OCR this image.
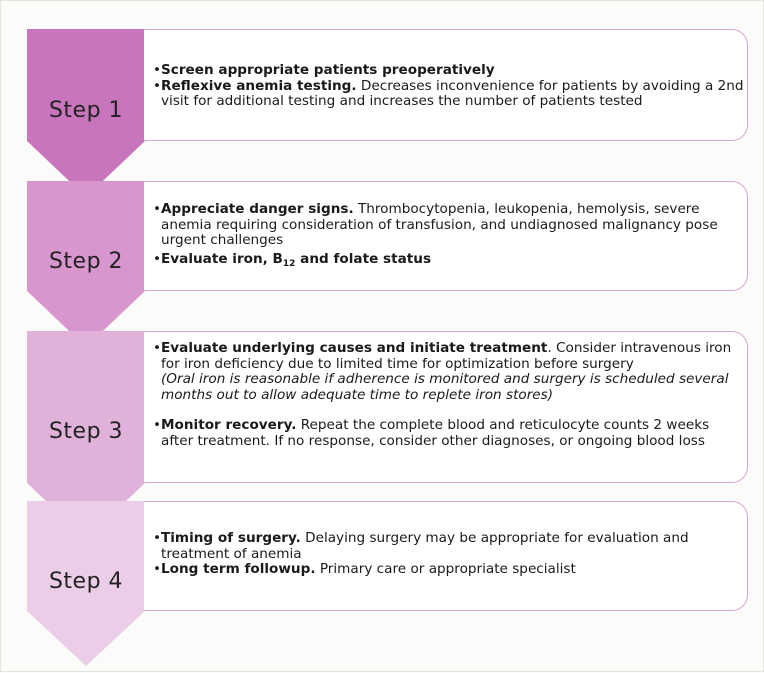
Step 1
Step 2
Step 3
Step 4

• Screen appropriate patients preoperatively

• Reflexive anemia testing. Decreases inconvenience for patients by avoiding a 2nd visit for additional testing and increases the number of patients tested

• Appreciate danger signs. Thrombocytopenia, leukopenia, hemolysis, severe anemia requiring consideration of transfusion, and undiagnosed malignancy pose urgent challenges

• Evaluate iron, $B_{12}$ and folate status

• Evaluate underlying causes and initiate treatment. Consider intravenous iron for iron deficiency due to limited time for optimization before surgery

(Oral iron is reasonable if adherence is monitored and surgery is scheduled several months out to allow adequate time to replete iron stores)

• Monitor recovery. Repeat the complete blood and reticulocyte counts 2 weeks after treatment. If no response, consider other diagnoses, or ongoing blood loss

• Timing of surgery. Delaying surgery may be appropriate for evaluation and treatment of anemia

• Long term followup. Primary care or appropriate specialist
